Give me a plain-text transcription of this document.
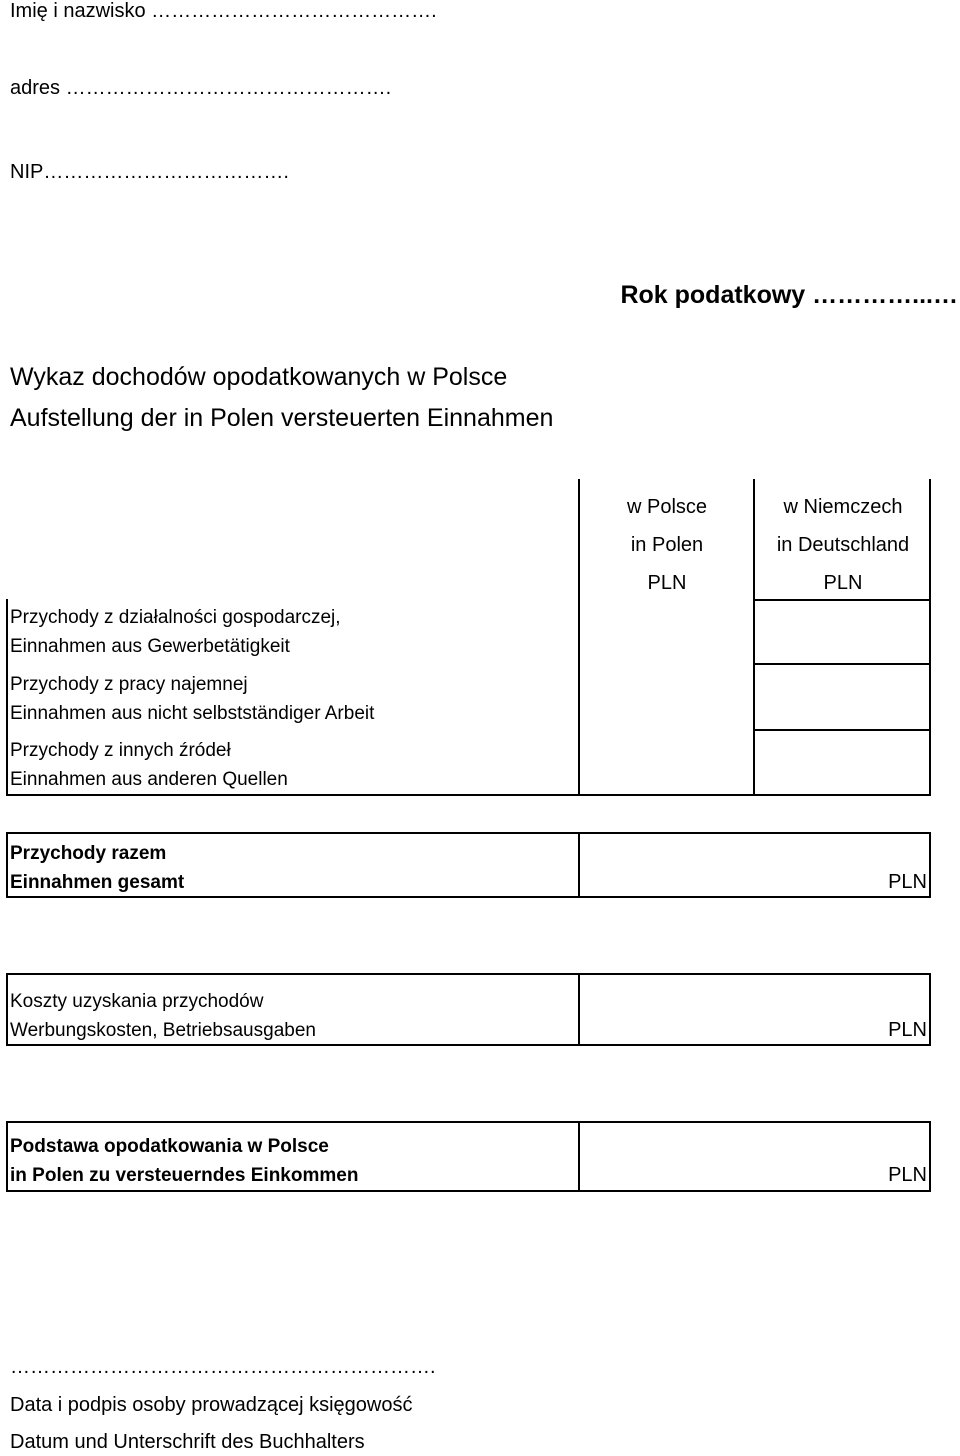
Imię i nazwisko …………………………………….
adres ………………………………………….
NIP……………………………….
Rok podatkowy …………...…
Wykaz dochodów opodatkowanych w Polsce
Aufstellung der in Polen versteuerten Einnahmen
w Polsce
in Polen
PLN
w Niemczech
in Deutschland
PLN
Przychody z działalności gospodarczej,
Einnahmen aus Gewerbetätigkeit
Przychody z pracy najemnej
Einnahmen aus nicht selbstständiger Arbeit
Przychody z innych źródeł
Einnahmen aus anderen Quellen
Przychody razem
Einnahmen gesamt	PLN
Koszty uzyskania przychodów
Werbungskosten, Betriebsausgaben	PLN
Podstawa opodatkowania w Polsce
in Polen zu versteuerndes Einkommen	PLN
……………………………………………………….
Data i podpis osoby prowadzącej księgowość
Datum und Unterschrift des Buchhalters
